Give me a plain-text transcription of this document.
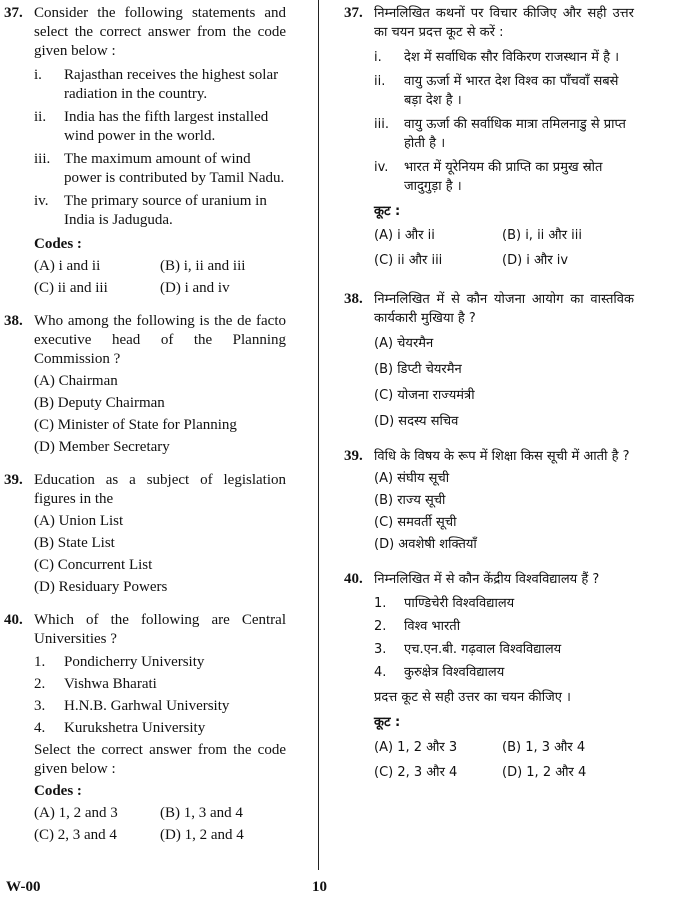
37. Consider the following statements and select the correct answer from the code given below :
i.	Rajasthan receives the highest solar radiation in the country.
ii.	India has the fifth largest installed wind power in the world.
iii. The maximum amount of wind power is contributed by Tamil Nadu.
iv.	The primary source of uranium in India is Jaduguda.
Codes :
(A) i and ii	(B) i, ii and iii
(C) ii and iii	(D) i and iv
38. Who among the following is the de facto executive head of the Planning Commission ?
(A) Chairman
(B) Deputy Chairman
(C) Minister of State for Planning
(D) Member Secretary
39. Education as a subject of legislation figures in the
(A) Union List
(B) State List
(C) Concurrent List
(D) Residuary Powers
40. Which of the following are Central Universities ?
1.	Pondicherry University
2.	Vishwa Bharati
3.	H.N.B. Garhwal University
4.	Kurukshetra University
Select the correct answer from the code given below :
Codes :
(A) 1, 2 and 3	(B) 1, 3 and 4
(C) 2, 3 and 4	(D) 1, 2 and 4
37. निम्नलिखित कथनों पर विचार कीजिए और सही उत्तर का चयन प्रदत्त कूट से करें :
i.	देश में सर्वाधिक सौर विकिरण राजस्थान में है ।
ii.	वायु ऊर्जा में भारत देश विश्व का पाँचवाँ सबसे बड़ा देश है ।
iii.	वायु ऊर्जा की सर्वाधिक मात्रा तमिलनाडु से प्राप्त होती है ।
iv.	भारत में यूरेनियम की प्राप्ति का प्रमुख स्रोत जादुगुड़ा है ।
कूट :
(A) i और ii	(B) i, ii और iii
(C) ii और iii	(D) i और iv
38. निम्नलिखित में से कौन योजना आयोग का वास्तविक कार्यकारी मुखिया है ?
(A) चेयरमैन
(B) डिप्टी चेयरमैन
(C) योजना राज्यमंत्री
(D) सदस्य सचिव
39. विधि के विषय के रूप में शिक्षा किस सूची में आती है ?
(A) संघीय सूची
(B) राज्य सूची
(C) समवर्ती सूची
(D) अवशेषी शक्तियाँ
40. निम्नलिखित में से कौन केंद्रीय विश्वविद्यालय हैं ?
1.	पाण्डिचेरी विश्वविद्यालय
2.	विश्व भारती
3.	एच.एन.बी. गढ़वाल विश्वविद्यालय
4.	कुरुक्षेत्र विश्वविद्यालय
प्रदत्त कूट से सही उत्तर का चयन कीजिए ।
कूट :
(A) 1, 2 और 3	(B) 1, 3 और 4
(C) 2, 3 और 4	(D) 1, 2 और 4
W-00	10
